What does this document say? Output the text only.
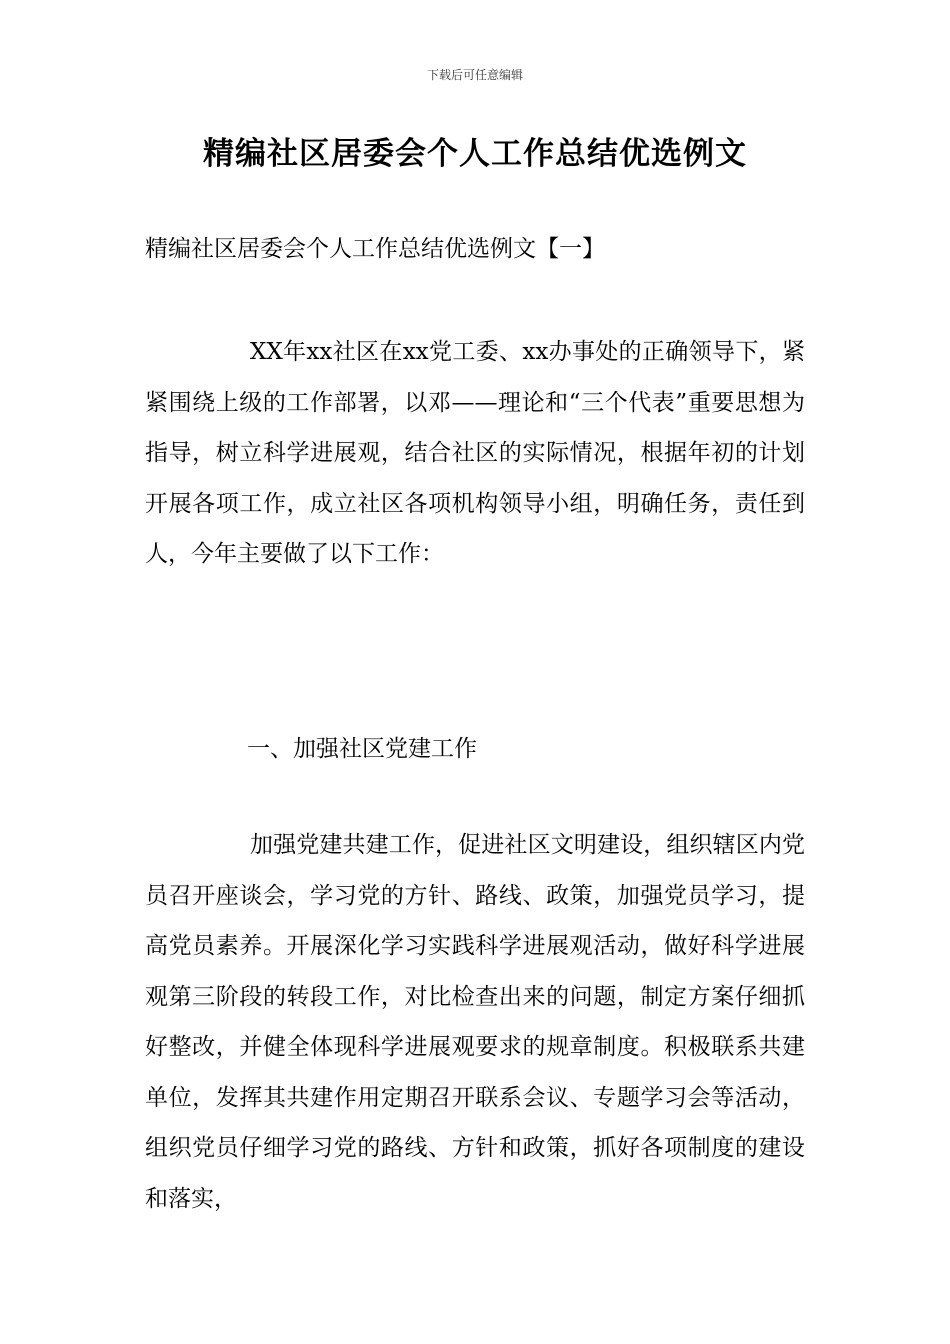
下载后可任意编辑
精编社区居委会个人工作总结优选例文
精编社区居委会个人工作总结优选例文【一】

XX年xx社区在xx党工委、xx办事处的正确领导下，紧紧围绕上级的工作部署，以邓——理论和“三个代表”重要思想为指导，树立科学进展观，结合社区的实际情况，根据年初的计划开展各项工作，成立社区各项机构领导小组，明确任务，责任到人，今年主要做了以下工作：

一、加强社区党建工作

加强党建共建工作，促进社区文明建设，组织辖区内党员召开座谈会，学习党的方针、路线、政策，加强党员学习，提高党员素养。开展深化学习实践科学进展观活动，做好科学进展观第三阶段的转段工作，对比检查出来的问题，制定方案仔细抓好整改，并健全体现科学进展观要求的规章制度。积极联系共建单位，发挥其共建作用定期召开联系会议、专题学习会等活动，组织党员仔细学习党的路线、方针和政策，抓好各项制度的建设和落实，
